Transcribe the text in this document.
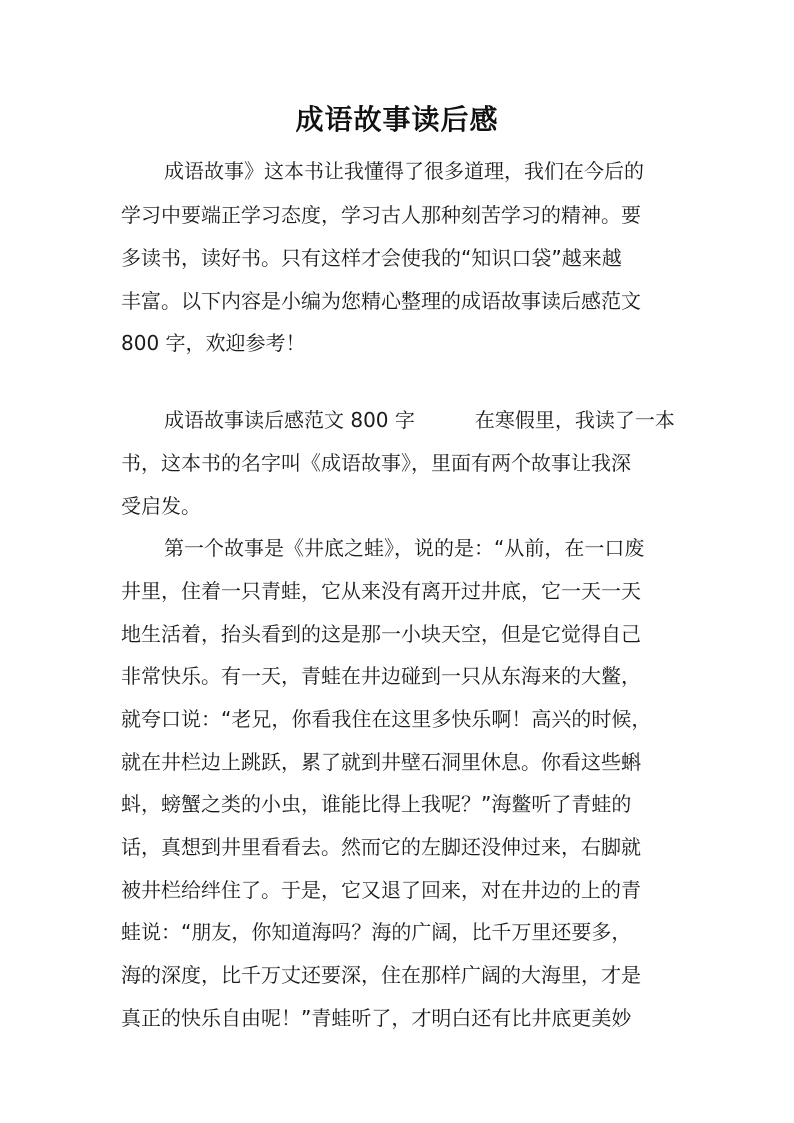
成语故事读后感

成语故事》这本书让我懂得了很多道理，我们在今后的

学习中要端正学习态度，学习古人那种刻苦学习的精神。要

多读书，读好书。只有这样才会使我的“知识口袋”越来越

丰富。以下内容是小编为您精心整理的成语故事读后感范文

800 字，欢迎参考！

成语故事读后感范文 800 字　　　在寒假里，我读了一本

书，这本书的名字叫《成语故事》，里面有两个故事让我深

受启发。

第一个故事是《井底之蛙》，说的是：“从前，在一口废

井里，住着一只青蛙，它从来没有离开过井底，它一天一天

地生活着，抬头看到的这是那一小块天空，但是它觉得自己

非常快乐。有一天，青蛙在井边碰到一只从东海来的大鳖，

就夸口说：“老兄，你看我住在这里多快乐啊！高兴的时候，

就在井栏边上跳跃，累了就到井壁石洞里休息。你看这些蝌

蚪，螃蟹之类的小虫，谁能比得上我呢？”海鳖听了青蛙的

话，真想到井里看看去。然而它的左脚还没伸过来，右脚就

被井栏给绊住了。于是，它又退了回来，对在井边的上的青

蛙说：“朋友，你知道海吗？海的广阔，比千万里还要多，

海的深度，比千万丈还要深，住在那样广阔的大海里，才是

真正的快乐自由呢！”青蛙听了，才明白还有比井底更美妙
